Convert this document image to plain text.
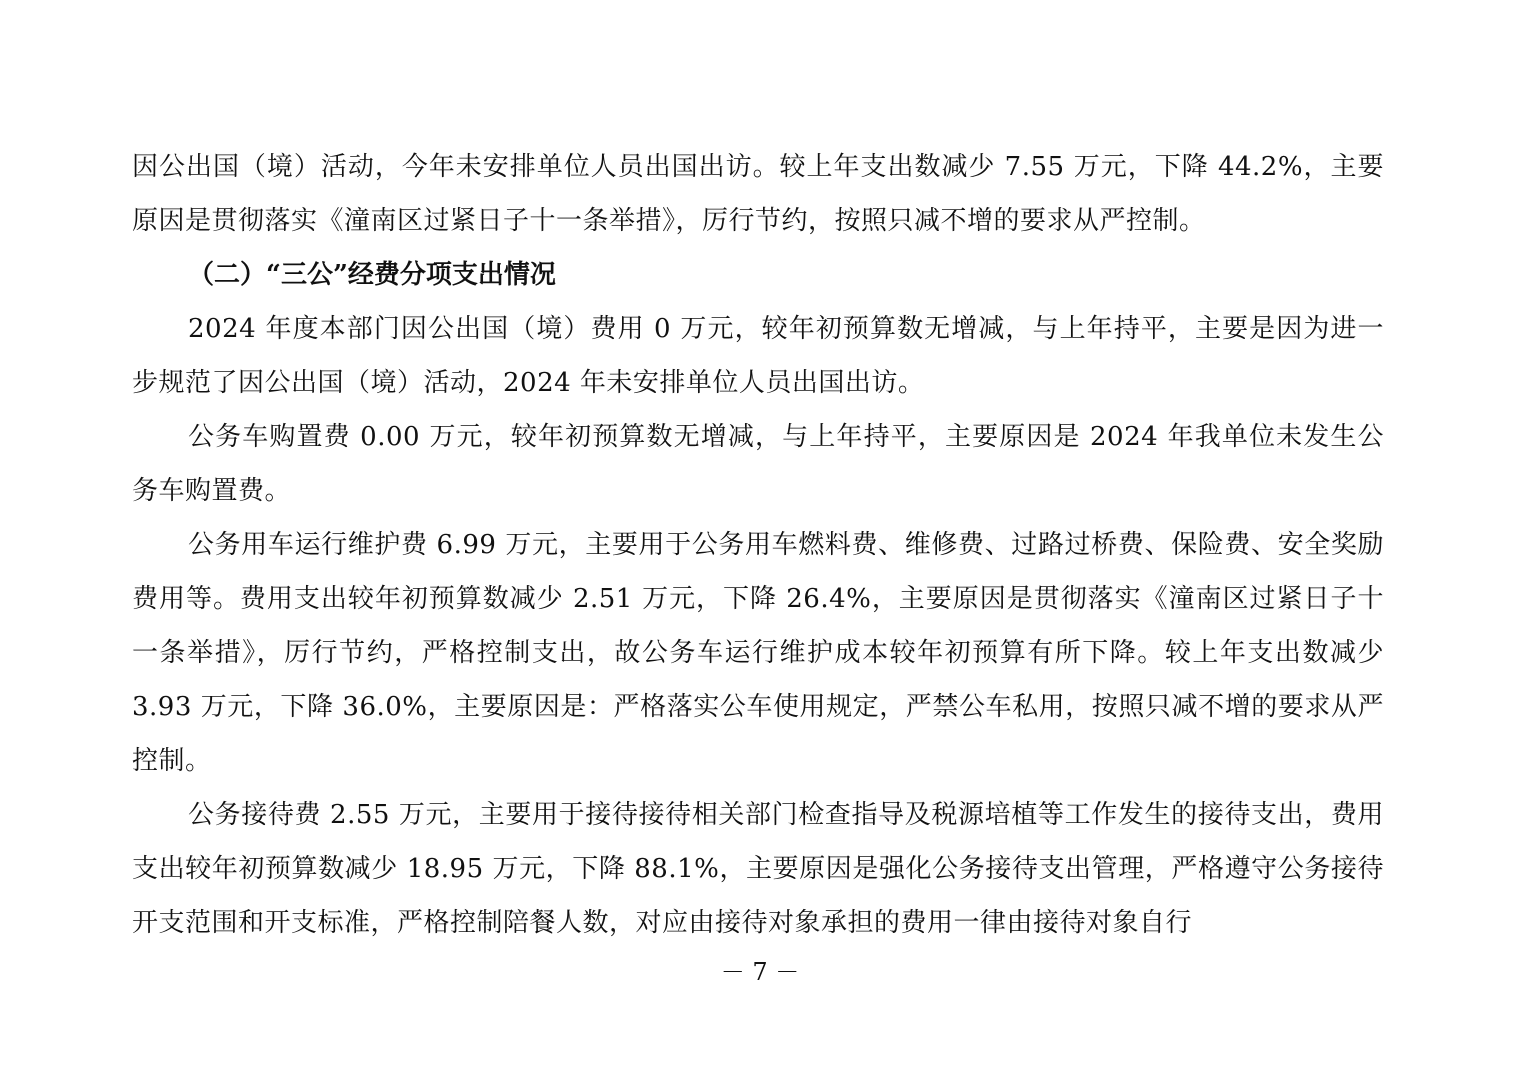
因公出国（境）活动，今年未安排单位人员出国出访。较上年支出数减少 7.55 万元，下降 44.2%，主要原因是贯彻落实《潼南区过紧日子十一条举措》，厉行节约，按照只减不增的要求从严控制。

（二）“三公”经费分项支出情况

2024 年度本部门因公出国（境）费用 0 万元，较年初预算数无增减，与上年持平，主要是因为进一步规范了因公出国（境）活动，2024 年未安排单位人员出国出访。

公务车购置费 0.00 万元，较年初预算数无增减，与上年持平，主要原因是 2024 年我单位未发生公务车购置费。

公务用车运行维护费 6.99 万元，主要用于公务用车燃料费、维修费、过路过桥费、保险费、安全奖励费用等。费用支出较年初预算数减少 2.51 万元，下降 26.4%，主要原因是贯彻落实《潼南区过紧日子十一条举措》，厉行节约，严格控制支出，故公务车运行维护成本较年初预算有所下降。较上年支出数减少 3.93 万元，下降 36.0%，主要原因是：严格落实公车使用规定，严禁公车私用，按照只减不增的要求从严控制。

公务接待费 2.55 万元，主要用于接待接待相关部门检查指导及税源培植等工作发生的接待支出，费用支出较年初预算数减少 18.95 万元，下降 88.1%，主要原因是强化公务接待支出管理，严格遵守公务接待开支范围和开支标准，严格控制陪餐人数，对应由接待对象承担的费用一律由接待对象自行

－ 7 －
